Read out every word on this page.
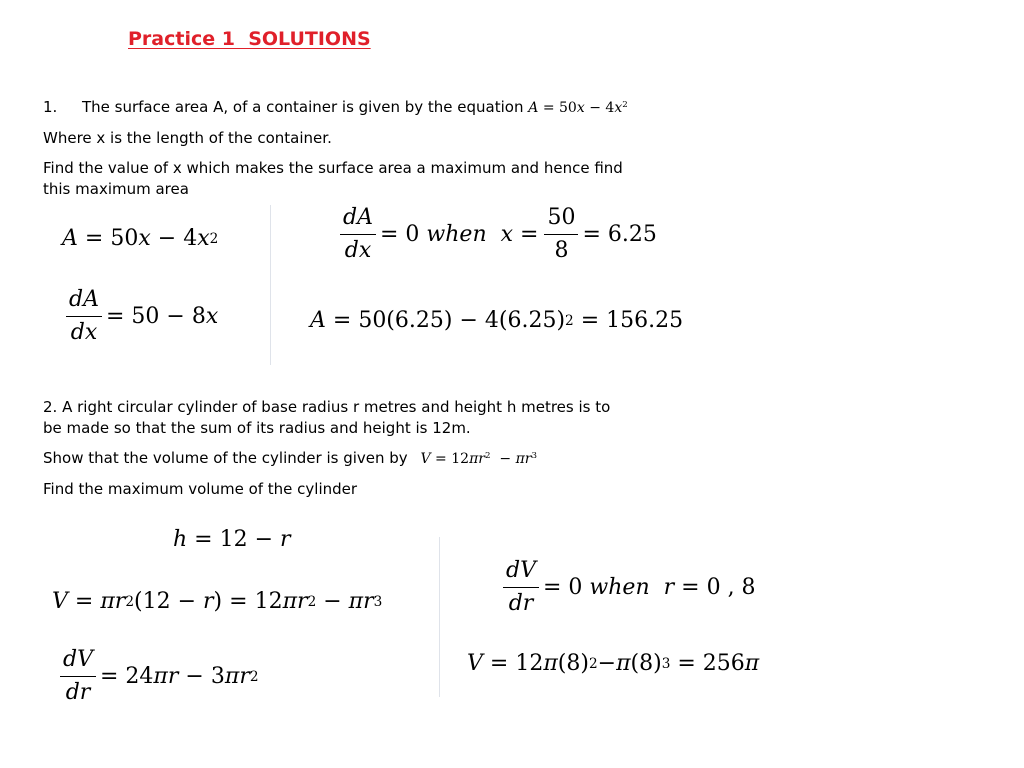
Practice 1  SOLUTIONS
1. The surface area A, of a container is given by the equation $A = 50x - 4x^2$
Where x is the length of the container.
Find the value of x which makes the surface area a maximum and hence find
this maximum area
A
=
50 x
−
4 x 2
$\frac{dA}{dx} = 50 - 8$ x
$\frac{dA}{dx} = 0$
when
x
= $\frac{50}{8} = 6.25$
A
= 50(6.25) − 4(6.25) 2
= 156.25
2. A right circular cylinder of base radius r metres and height h metres is to
be made so that the sum of its radius and height is 12m.
Show that the volume of the cylinder is given by $V = 12\pi r^2 - \pi r^3$
Find the maximum volume of the cylinder
h
= 12 −
r
V
=
π r 2 (12 −
r )
= 12 π r 2
−
π r 3
$\frac{dV}{dr} = 24$ π r
− 3 π r 2
$\frac{dV}{dr} = 0$
when
r
= 0 , 8
V
= 12 π (8) 2 − π (8) 3
= 256 π
